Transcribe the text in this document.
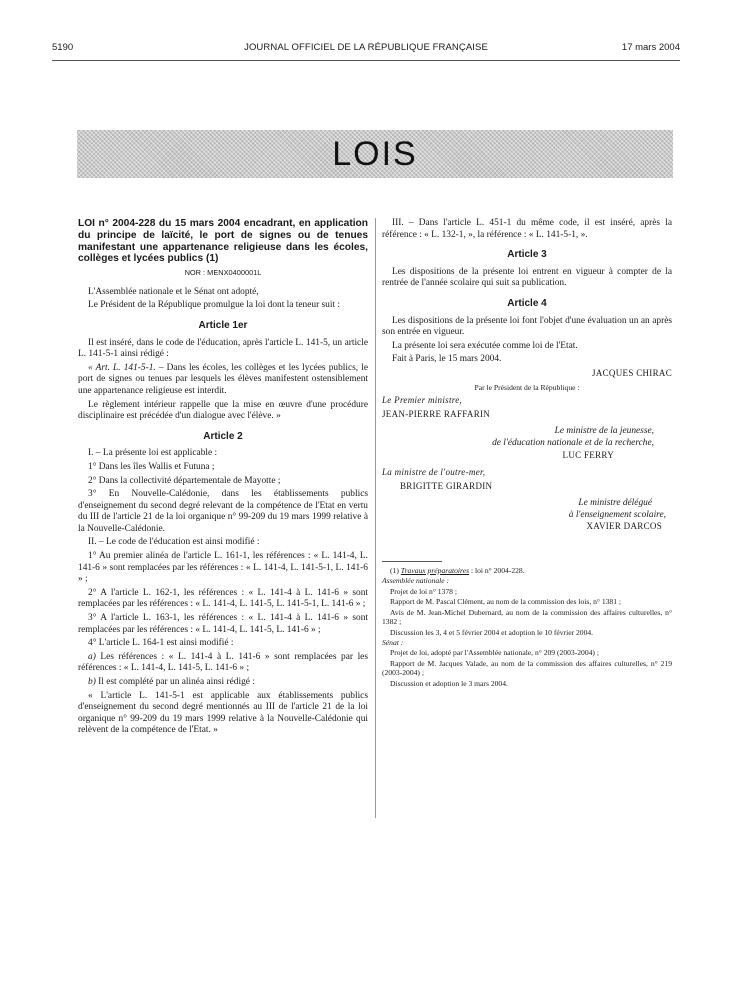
5190	JOURNAL OFFICIEL DE LA RÉPUBLIQUE FRANÇAISE	17 mars 2004
LOIS
LOI n° 2004-228 du 15 mars 2004 encadrant, en application du principe de laïcité, le port de signes ou de tenues manifestant une appartenance religieuse dans les écoles, collèges et lycées publics (1)
NOR : MENX0400001L

L'Assemblée nationale et le Sénat ont adopté,

Le Président de la République promulgue la loi dont la teneur suit :

Article 1er

Il est inséré, dans le code de l'éducation, après l'article L. 141-5, un article L. 141-5-1 ainsi rédigé :

« Art. L. 141-5-1. – Dans les écoles, les collèges et les lycées publics, le port de signes ou tenues par lesquels les élèves manifestent ostensiblement une appartenance religieuse est interdit.

Le règlement intérieur rappelle que la mise en œuvre d'une procédure disciplinaire est précédée d'un dialogue avec l'élève. »

Article 2

I. – La présente loi est applicable :

1° Dans les îles Wallis et Futuna ;

2° Dans la collectivité départementale de Mayotte ;

3° En Nouvelle-Calédonie, dans les établissements publics d'enseignement du second degré relevant de la compétence de l'Etat en vertu du III de l'article 21 de la loi organique n° 99-209 du 19 mars 1999 relative à la Nouvelle-Calédonie.

II. – Le code de l'éducation est ainsi modifié :

1° Au premier alinéa de l'article L. 161-1, les références : « L. 141-4, L. 141-6 » sont remplacées par les références : « L. 141-4, L. 141-5-1, L. 141-6 » ;

2° A l'article L. 162-1, les références : « L. 141-4 à L. 141-6 » sont remplacées par les références : « L. 141-4, L. 141-5, L. 141-5-1, L. 141-6 » ;

3° A l'article L. 163-1, les références : « L. 141-4 à L. 141-6 » sont remplacées par les références : « L. 141-4, L. 141-5, L. 141-6 » ;

4° L'article L. 164-1 est ainsi modifié :

a) Les références : « L. 141-4 à L. 141-6 » sont remplacées par les références : « L. 141-4, L. 141-5, L. 141-6 » ;

b) Il est complété par un alinéa ainsi rédigé :

« L'article L. 141-5-1 est applicable aux établissements publics d'enseignement du second degré mentionnés au III de l'article 21 de la loi organique n° 99-209 du 19 mars 1999 relative à la Nouvelle-Calédonie qui relèvent de la compétence de l'Etat. »

III. – Dans l'article L. 451-1 du même code, il est inséré, après la référence : « L. 132-1, », la référence : « L. 141-5-1, ».

Article 3

Les dispositions de la présente loi entrent en vigueur à compter de la rentrée de l'année scolaire qui suit sa publication.

Article 4

Les dispositions de la présente loi font l'objet d'une évaluation un an après son entrée en vigueur.

La présente loi sera exécutée comme loi de l'Etat.

Fait à Paris, le 15 mars 2004.

JACQUES CHIRAC
Par le Président de la République :
Le Premier ministre,
JEAN-PIERRE RAFFARIN
Le ministre de la jeunesse,
de l'éducation nationale et de la recherche,
LUC FERRY
La ministre de l'outre-mer,
BRIGITTE GIRARDIN
Le ministre délégué
à l'enseignement scolaire,
XAVIER DARCOS
(1) Travaux préparatoires : loi n° 2004-228.
Assemblée nationale :
Projet de loi n° 1378 ;
Rapport de M. Pascal Clément, au nom de la commission des lois, n° 1381 ;
Avis de M. Jean-Michel Dubernard, au nom de la commission des affaires culturelles, n° 1382 ;
Discussion les 3, 4 et 5 février 2004 et adoption le 10 février 2004.
Sénat :
Projet de loi, adopté par l'Assemblée nationale, n° 209 (2003-2004) ;
Rapport de M. Jacques Valade, au nom de la commission des affaires culturelles, n° 219 (2003-2004) ;
Discussion et adoption le 3 mars 2004.
